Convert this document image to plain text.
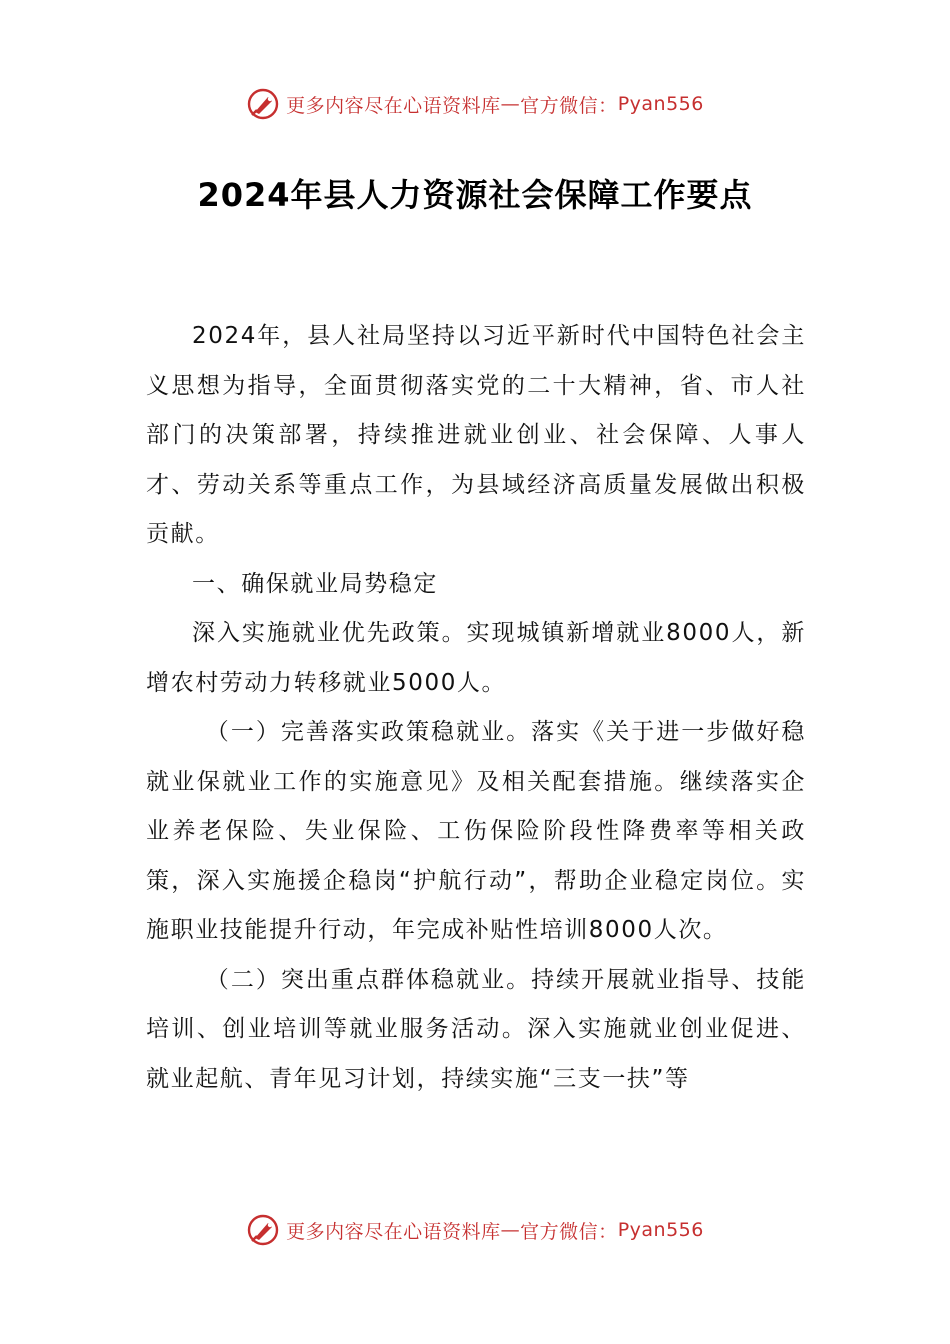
更多内容尽在心语资料库 — 官方微信： Pyan556
2024年县人力资源社会保障工作要点

2024年，县人社局坚持以习近平新时代中国特色社会主义思想为指导，全面贯彻落实党的二十大精神，省、市人社部门的决策部署，持续推进就业创业、社会保障、人事人才、劳动关系等重点工作，为县域经济高质量发展做出积极贡献。

一、确保就业局势稳定

深入实施就业优先政策。实现城镇新增就业8000人，新增农村劳动力转移就业5000人。

（一）完善落实政策稳就业。落实《关于进一步做好稳就业保就业工作的实施意见》及相关配套措施。继续落实企业养老保险、失业保险、工伤保险阶段性降费率等相关政策，深入实施援企稳岗“护航行动”，帮助企业稳定岗位。实施职业技能提升行动，年完成补贴性培训8000人次。

（二）突出重点群体稳就业。持续开展就业指导、技能培训、创业培训等就业服务活动。深入实施就业创业促进、就业起航、青年见习计划，持续实施“三支一扶”等

更多内容尽在心语资料库 — 官方微信： Pyan556
